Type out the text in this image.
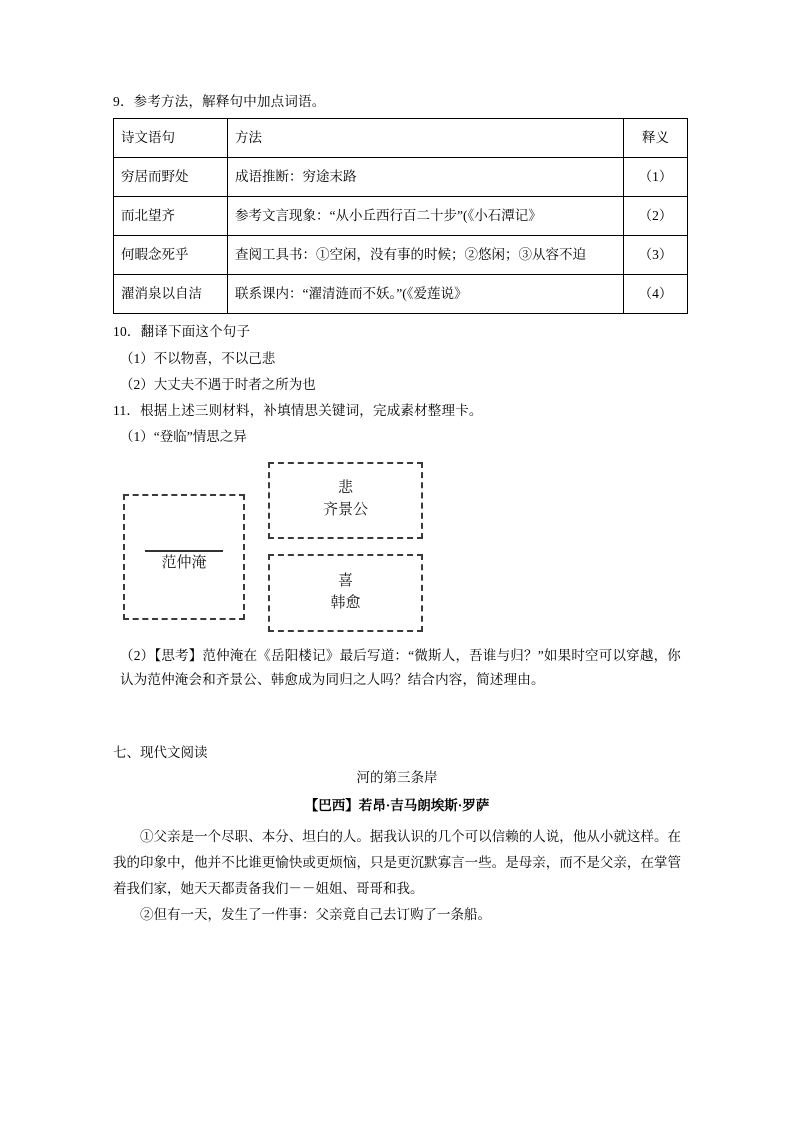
9．参考方法，解释句中加点词语。

诗文语句	方法	释义
穷居而野处	成语推断：穷途末路	（1）
而北望齐	参考文言现象：“从小丘西行百二十步”(《小石潭记》	（2）
何暇念死乎	查阅工具书：①空闲，没有事的时候；②悠闲；③从容不迫	（3）
濯消泉以自洁	联系课内：“濯清涟而不妖。”(《爱莲说》	（4）

10．翻译下面这个句子

（1）不以物喜，不以己悲

（2）大丈夫不遇于时者之所为也

11．根据上述三则材料，补填情思关键词，完成素材整理卡。

（1）“登临”情思之异

范仲淹
悲
齐景公
喜
韩愈

（2）【思考】范仲淹在《岳阳楼记》最后写道：“微斯人，吾谁与归？”如果时空可以穿越，你认为范仲淹会和齐景公、韩愈成为同归之人吗？结合内容，简述理由。

七、现代文阅读

河的第三条岸

【巴西】若昂·吉马朗埃斯·罗萨

①父亲是一个尽职、本分、坦白的人。据我认识的几个可以信赖的人说，他从小就这样。在我的印象中，他并不比谁更愉快或更烦恼，只是更沉默寡言一些。是母亲，而不是父亲，在掌管着我们家，她天天都责备我们－－姐姐、哥哥和我。

②但有一天，发生了一件事：父亲竟自己去订购了一条船。
